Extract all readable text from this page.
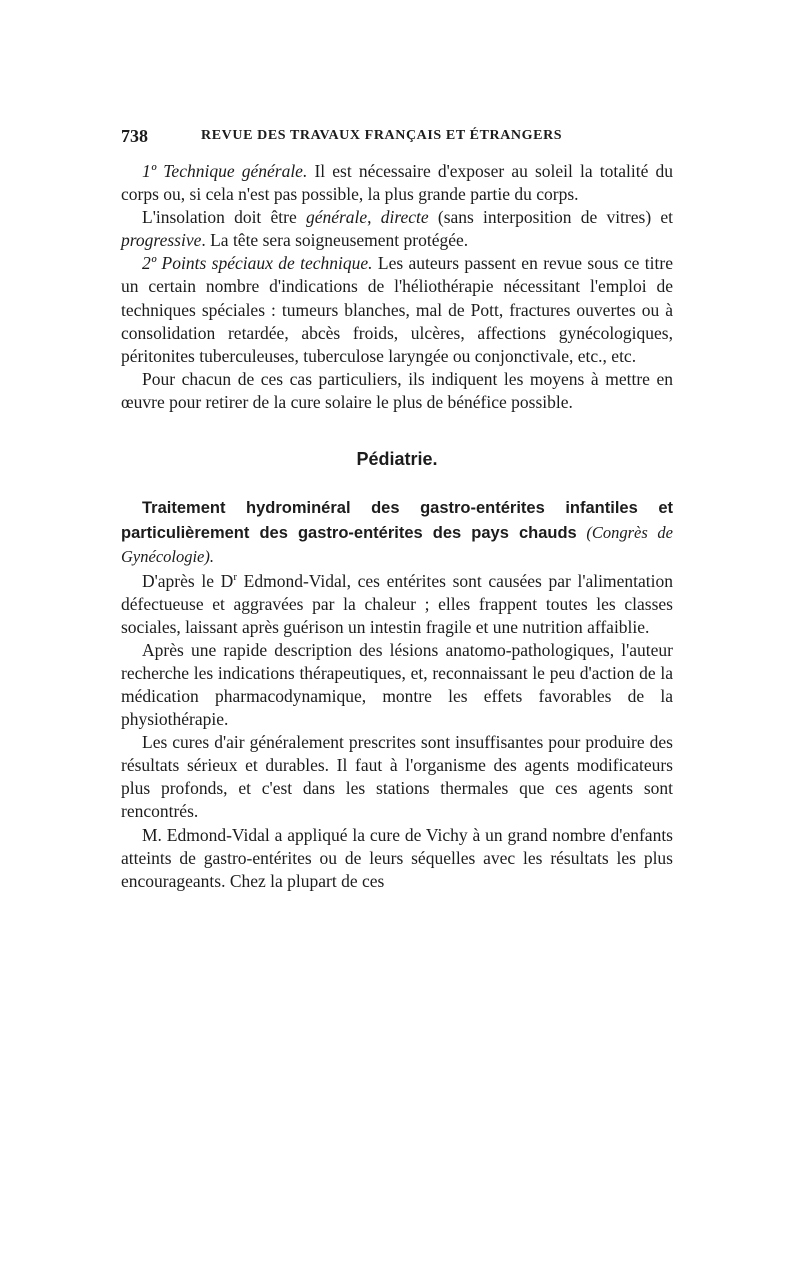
738	REVUE DES TRAVAUX FRANÇAIS ET ÉTRANGERS

1º Technique générale. Il est nécessaire d'exposer au soleil la totalité du corps ou, si cela n'est pas possible, la plus grande partie du corps.

L'insolation doit être générale, directe (sans interposition de vitres) et progressive. La tête sera soigneusement protégée.

2º Points spéciaux de technique. Les auteurs passent en revue sous ce titre un certain nombre d'indications de l'héliothérapie nécessitant l'emploi de techniques spéciales : tumeurs blanches, mal de Pott, fractures ouvertes ou à consolidation retardée, abcès froids, ulcères, affections gynécologiques, péritonites tuberculeuses, tuberculose laryngée ou conjonctivale, etc., etc.

Pour chacun de ces cas particuliers, ils indiquent les moyens à mettre en œuvre pour retirer de la cure solaire le plus de bénéfice possible.

Pédiatrie.

Traitement hydrominéral des gastro-entérites infantiles et particulièrement des gastro-entérites des pays chauds (Congrès de Gynécologie).

D'après le $D^r$ Edmond-Vidal, ces entérites sont causées par l'alimentation défectueuse et aggravées par la chaleur ; elles frappent toutes les classes sociales, laissant après guérison un intestin fragile et une nutrition affaiblie.

Après une rapide description des lésions anatomo-pathologiques, l'auteur recherche les indications thérapeutiques, et, reconnaissant le peu d'action de la médication pharmacodynamique, montre les effets favorables de la physiothérapie.

Les cures d'air généralement prescrites sont insuffisantes pour produire des résultats sérieux et durables. Il faut à l'organisme des agents modificateurs plus profonds, et c'est dans les stations thermales que ces agents sont rencontrés.

M. Edmond-Vidal a appliqué la cure de Vichy à un grand nombre d'enfants atteints de gastro-entérites ou de leurs séquelles avec les résultats les plus encourageants. Chez la plupart de ces
